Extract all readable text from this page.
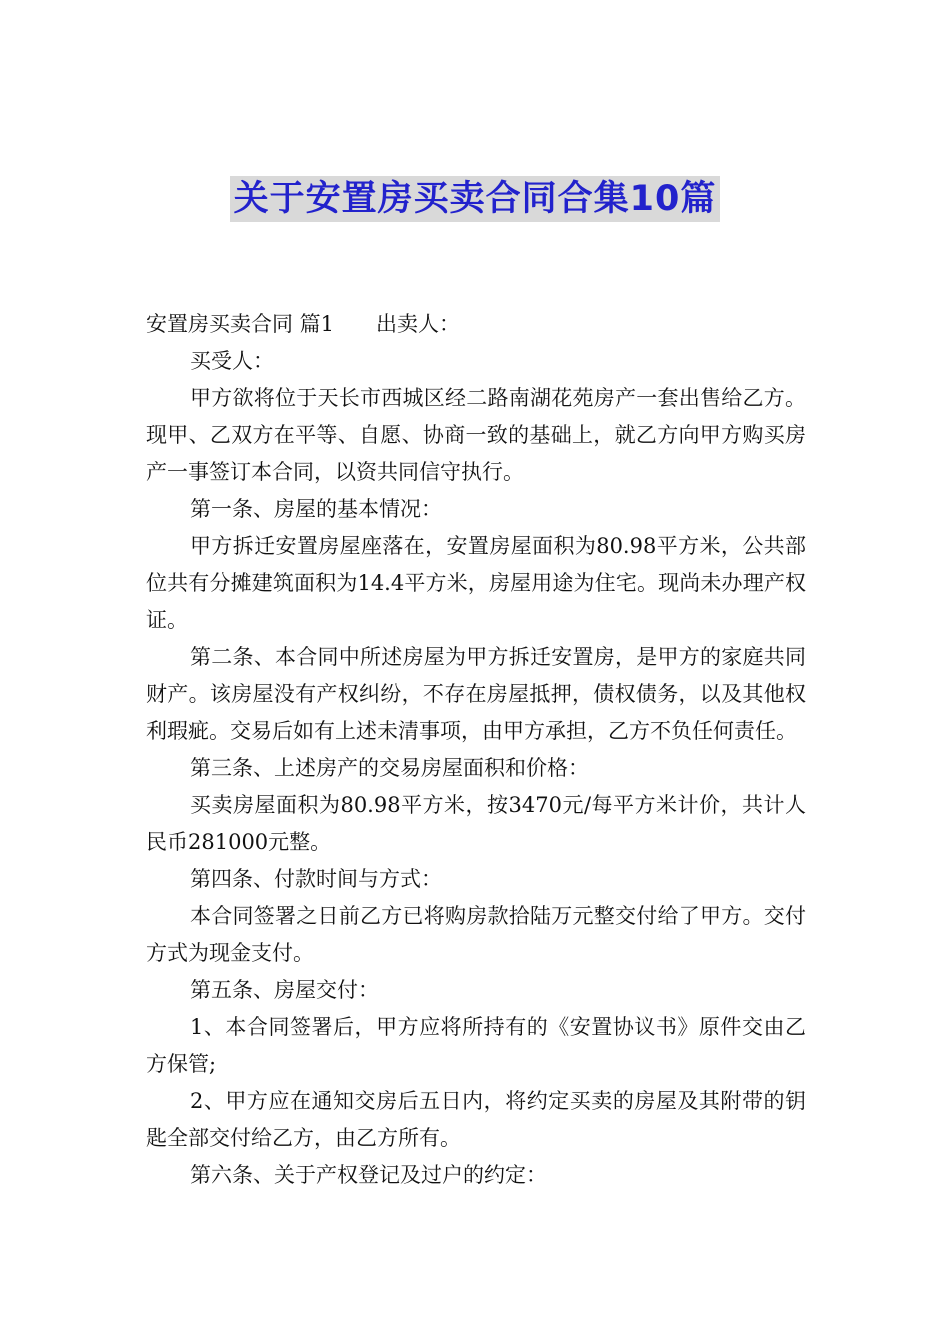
关于安置房买卖合同合集10篇

安置房买卖合同 篇1 出卖人：

买受人：

甲方欲将位于天长市西城区经二路南湖花苑房产一套出售给乙方。现甲、乙双方在平等、自愿、协商一致的基础上，就乙方向甲方购买房产一事签订本合同，以资共同信守执行。

第一条、房屋的基本情况：

甲方拆迁安置房屋座落在，安置房屋面积为80.98平方米，公共部位共有分摊建筑面积为14.4平方米，房屋用途为住宅。现尚未办理产权证。

第二条、本合同中所述房屋为甲方拆迁安置房，是甲方的家庭共同财产。该房屋没有产权纠纷，不存在房屋抵押，债权债务，以及其他权利瑕疵。交易后如有上述未清事项，由甲方承担，乙方不负任何责任。

第三条、上述房产的交易房屋面积和价格：

买卖房屋面积为80.98平方米，按3470元/每平方米计价，共计人民币281000元整。

第四条、付款时间与方式：

本合同签署之日前乙方已将购房款拾陆万元整交付给了甲方。交付方式为现金支付。

第五条、房屋交付：

1、本合同签署后，甲方应将所持有的《安置协议书》原件交由乙方保管;

2、甲方应在通知交房后五日内，将约定买卖的房屋及其附带的钥匙全部交付给乙方，由乙方所有。

第六条、关于产权登记及过户的约定：
